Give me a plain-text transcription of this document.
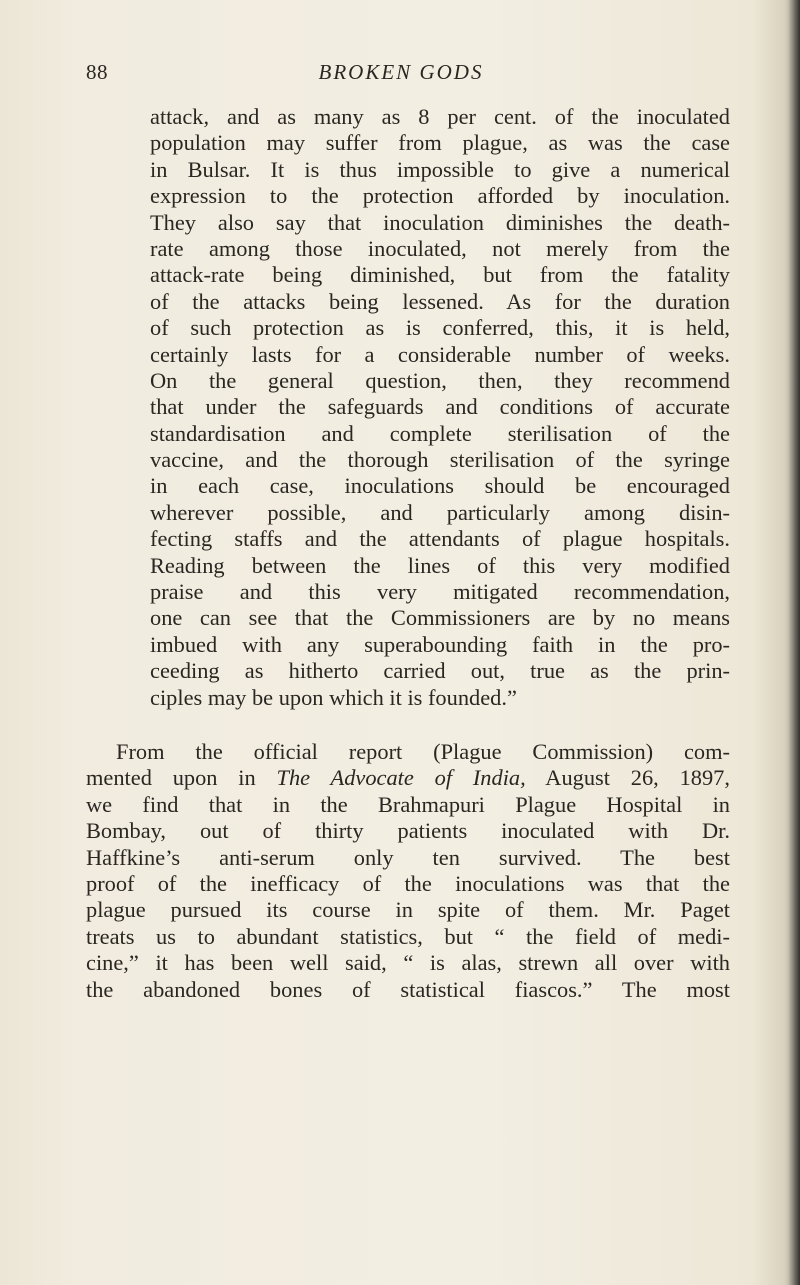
88	BROKEN GODS
attack, and as many as 8 per cent. of the inoculated
population may suffer from plague, as was the case
in Bulsar. It is thus impossible to give a numerical
expression to the protection afforded by inoculation.
They also say that inoculation diminishes the death-
rate among those inoculated, not merely from the
attack-rate being diminished, but from the fatality
of the attacks being lessened. As for the duration
of such protection as is conferred, this, it is held,
certainly lasts for a considerable number of weeks.
On the general question, then, they recommend
that under the safeguards and conditions of accurate
standardisation and complete sterilisation of the
vaccine, and the thorough sterilisation of the syringe
in each case, inoculations should be encouraged
wherever possible, and particularly among disin-
fecting staffs and the attendants of plague hospitals.
Reading between the lines of this very modified
praise and this very mitigated recommendation,
one can see that the Commissioners are by no means
imbued with any superabounding faith in the pro-
ceeding as hitherto carried out, true as the prin-
ciples may be upon which it is founded.”
From the official report (Plague Commission) com-
mented upon in The Advocate of India, August 26, 1897,
we find that in the Brahmapuri Plague Hospital in
Bombay, out of thirty patients inoculated with Dr.
Haffkine’s anti-serum only ten survived. The best
proof of the inefficacy of the inoculations was that the
plague pursued its course in spite of them. Mr. Paget
treats us to abundant statistics, but “ the field of medi-
cine,” it has been well said, “ is alas, strewn all over with
the abandoned bones of statistical fiascos.” The most
